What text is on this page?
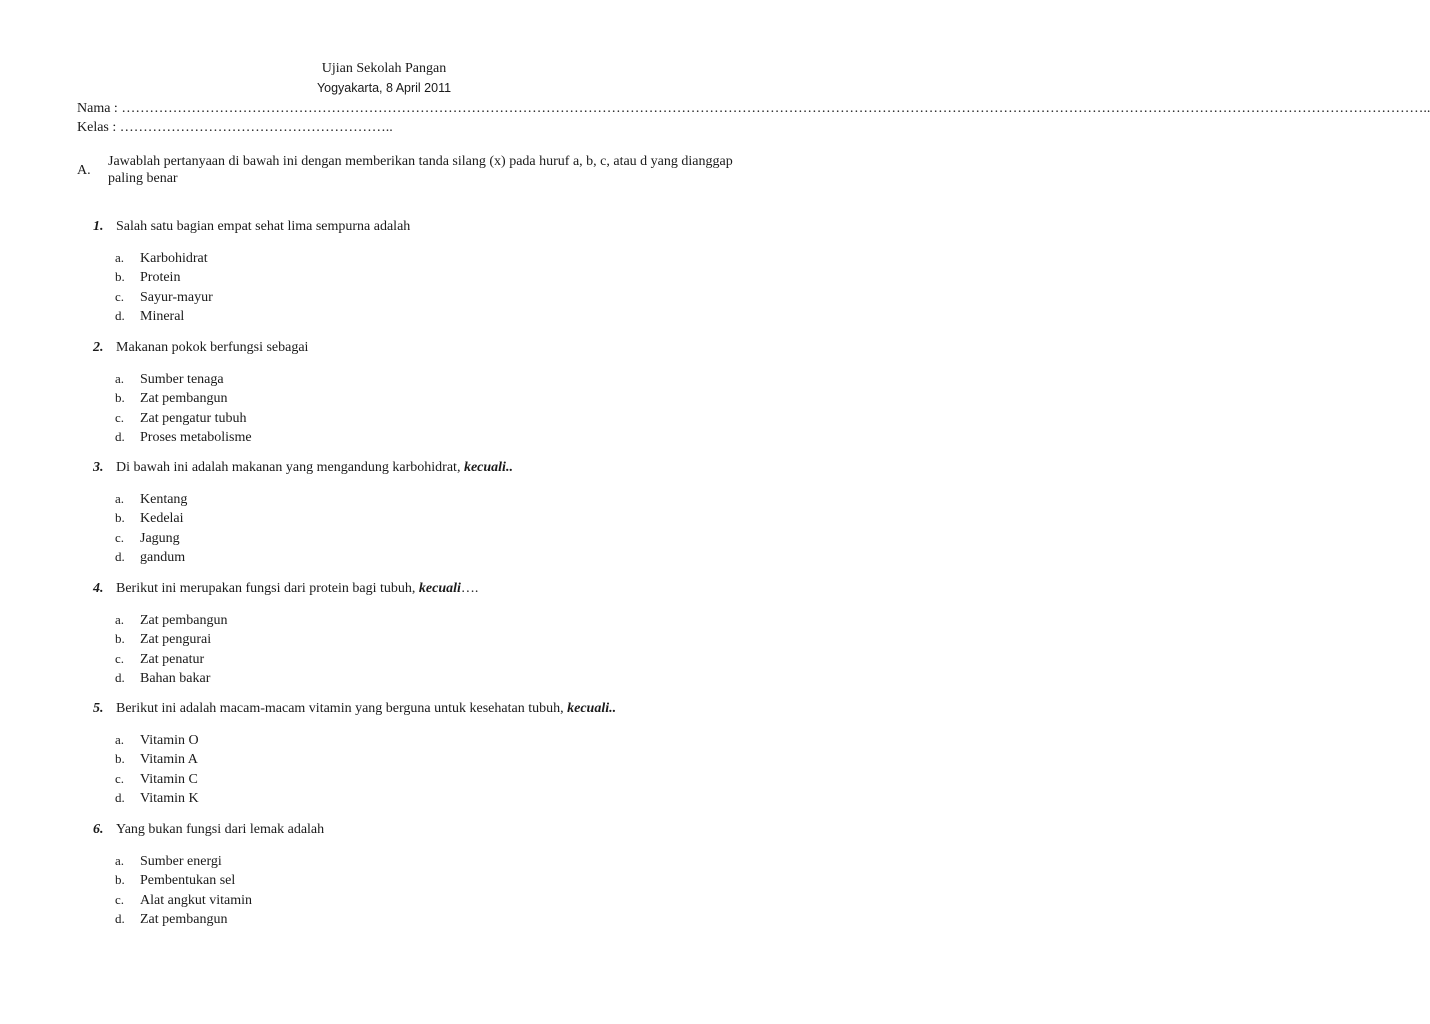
Ujian Sekolah Pangan
Yogyakarta, 8 April 2011
Nama : ………………………………………………………………………………………………………………………………………………………………………………………………………………………………………………………..
Kelas : …………………………………………………..
A.
Jawablah pertanyaan di bawah ini dengan memberikan tanda silang (x) pada huruf a, b, c, atau d yang dianggap paling benar
1. Salah satu bagian empat sehat lima sempurna adalah
a. Karbohidrat
b. Protein
c. Sayur-mayur
d. Mineral
2. Makanan pokok berfungsi sebagai
a. Sumber tenaga
b. Zat pembangun
c. Zat pengatur tubuh
d. Proses metabolisme
3. Di bawah ini adalah makanan yang mengandung karbohidrat, kecuali..
a. Kentang
b. Kedelai
c. Jagung
d. gandum
4. Berikut ini merupakan fungsi dari protein bagi tubuh, kecuali….
a. Zat pembangun
b. Zat pengurai
c. Zat penatur
d. Bahan bakar
5. Berikut ini adalah macam-macam vitamin yang berguna untuk kesehatan tubuh, kecuali..
a. Vitamin O
b. Vitamin A
c. Vitamin C
d. Vitamin K
6. Yang bukan fungsi dari lemak adalah
a. Sumber energi
b. Pembentukan sel
c. Alat angkut vitamin
d. Zat pembangun
